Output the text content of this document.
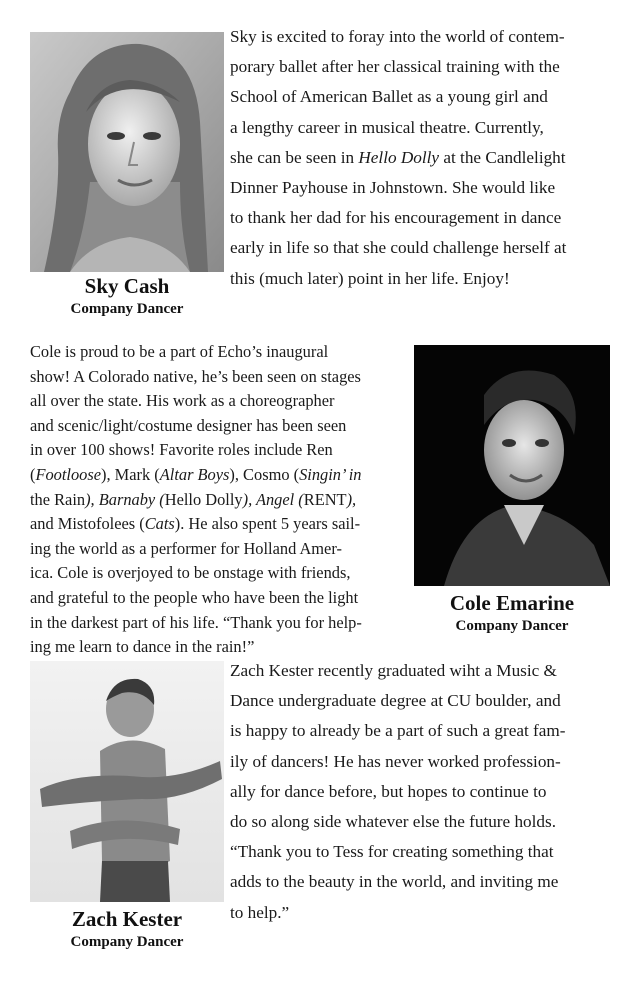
Sky is excited to foray into the world of contem-
porary ballet after her classical training with the
School of American Ballet as a young girl and
a lengthy career in musical theatre. Currently,
she can be seen in Hello Dolly at the Candlelight
Dinner Payhouse in Johnstown. She would like
to thank her dad for his encouragement in dance
early in life so that she could challenge herself at
this (much later) point in her life. Enjoy!

Sky Cash
Company Dancer

Cole is proud to be a part of Echo’s inaugural
show! A Colorado native, he’s been seen on stages
all over the state. His work as a choreographer
and scenic/light/costume designer has been seen
in over 100 shows! Favorite roles include Ren
(Footloose), Mark (Altar Boys), Cosmo (Singin’ in
the Rain), Barnaby (Hello Dolly), Angel (RENT),
and Mistofolees (Cats). He also spent 5 years sail-
ing the world as a performer for Holland Amer-
ica. Cole is overjoyed to be onstage with friends,
and grateful to the people who have been the light
in the darkest part of his life. “Thank you for help-
ing me learn to dance in the rain!”

Cole Emarine
Company Dancer

Zach Kester recently graduated wiht a Music &
Dance undergraduate degree at CU boulder, and
is happy to already be a part of such a great fam-
ily of dancers! He has never worked profession-
ally for dance before, but hopes to continue to
do so along side whatever else the future holds.
“Thank you to Tess for creating something that
adds to the beauty in the world, and inviting me
to help.”

Zach Kester
Company Dancer
